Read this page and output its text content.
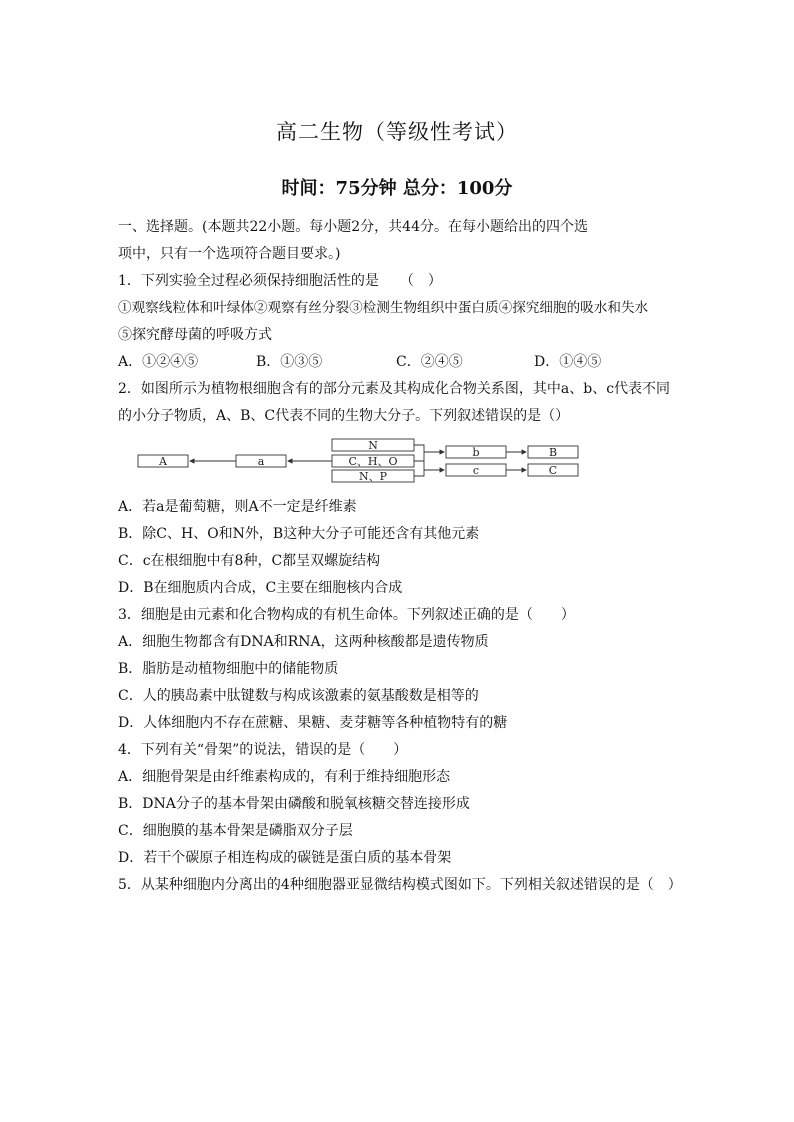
高二生物（等级性考试）
时间：75分钟 总分：100分
一、选择题。(本题共22小题。每小题2分，共44分。在每小题给出的四个选
项中，只有一个选项符合题目要求。)
1．下列实验全过程必须保持细胞活性的是　　（　）
①观察线粒体和叶绿体②观察有丝分裂③检测生物组织中蛋白质④探究细胞的吸水和失水
⑤探究酵母菌的呼吸方式
A．①②④⑤	B．①③⑤	C．②④⑤	D．①④⑤
2．如图所示为植物根细胞含有的部分元素及其构成化合物关系图，其中a、b、c代表不同
的小分子物质，A、B、C代表不同的生物大分子。下列叙述错误的是（）
A	a
N
C、H、O
N、P
b	B
c	C
A．若a是葡萄糖，则A不一定是纤维素
B．除C、H、O和N外，B这种大分子可能还含有其他元素
C．c在根细胞中有8种，C都呈双螺旋结构
D．B在细胞质内合成，C主要在细胞核内合成
3．细胞是由元素和化合物构成的有机生命体。下列叙述正确的是（　　）
A．细胞生物都含有DNA和RNA，这两种核酸都是遗传物质
B．脂肪是动植物细胞中的储能物质
C．人的胰岛素中肽键数与构成该激素的氨基酸数是相等的
D．人体细胞内不存在蔗糖、果糖、麦芽糖等各种植物特有的糖
4．下列有关“骨架”的说法，错误的是（　　）
A．细胞骨架是由纤维素构成的，有利于维持细胞形态
B．DNA分子的基本骨架由磷酸和脱氧核糖交替连接形成
C．细胞膜的基本骨架是磷脂双分子层
D．若干个碳原子相连构成的碳链是蛋白质的基本骨架
5．从某种细胞内分离出的4种细胞器亚显微结构模式图如下。下列相关叙述错误的是（　）
